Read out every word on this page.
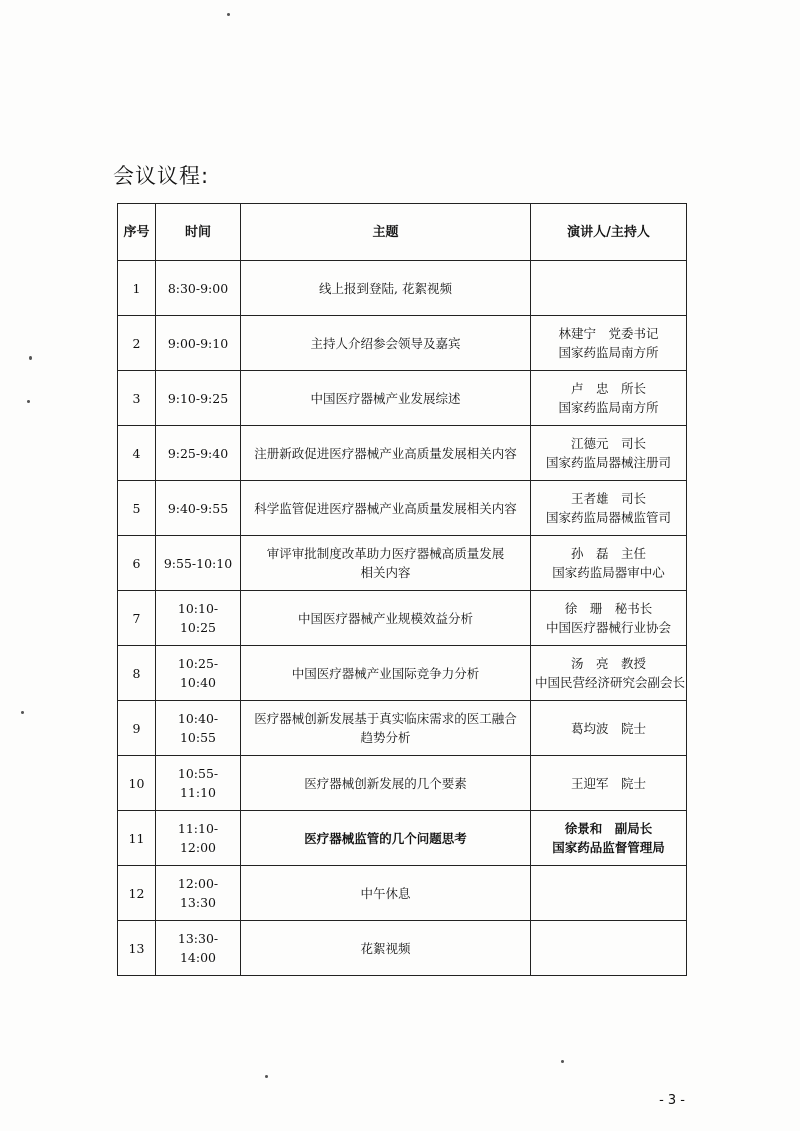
会议议程:
序号	时间	主题	演讲人/主持人
1	8:30-9:00	线上报到登陆, 花絮视频	

2	9:00-9:10	主持人介绍参会领导及嘉宾	林建宁　党委书记
国家药监局南方所

3	9:10-9:25	中国医疗器械产业发展综述	卢　忠　所长
国家药监局南方所

4	9:25-9:40	注册新政促进医疗器械产业高质量发展相关内容	江德元　司长
国家药监局器械注册司

5	9:40-9:55	科学监管促进医疗器械产业高质量发展相关内容	王者雄　司长
国家药监局器械监管司

6	9:55-10:10	审评审批制度改革助力医疗器械高质量发展
相关内容	孙　磊　主任
国家药监局器审中心

7	10:10-10:25	中国医疗器械产业规模效益分析	徐　珊　秘书长
中国医疗器械行业协会

8	10:25-10:40	中国医疗器械产业国际竞争力分析	汤　亮　教授
中国民营经济研究会副会长

9	10:40-10:55	医疗器械创新发展基于真实临床需求的医工融合
趋势分析	葛均波　院士

10	10:55-11:10	医疗器械创新发展的几个要素	王迎军　院士

11	11:10-12:00	医疗器械监管的几个问题思考	徐景和　副局长
国家药品监督管理局

12	12:00-13:30	中午休息	

13	13:30-14:00	花絮视频	

- 3 -
